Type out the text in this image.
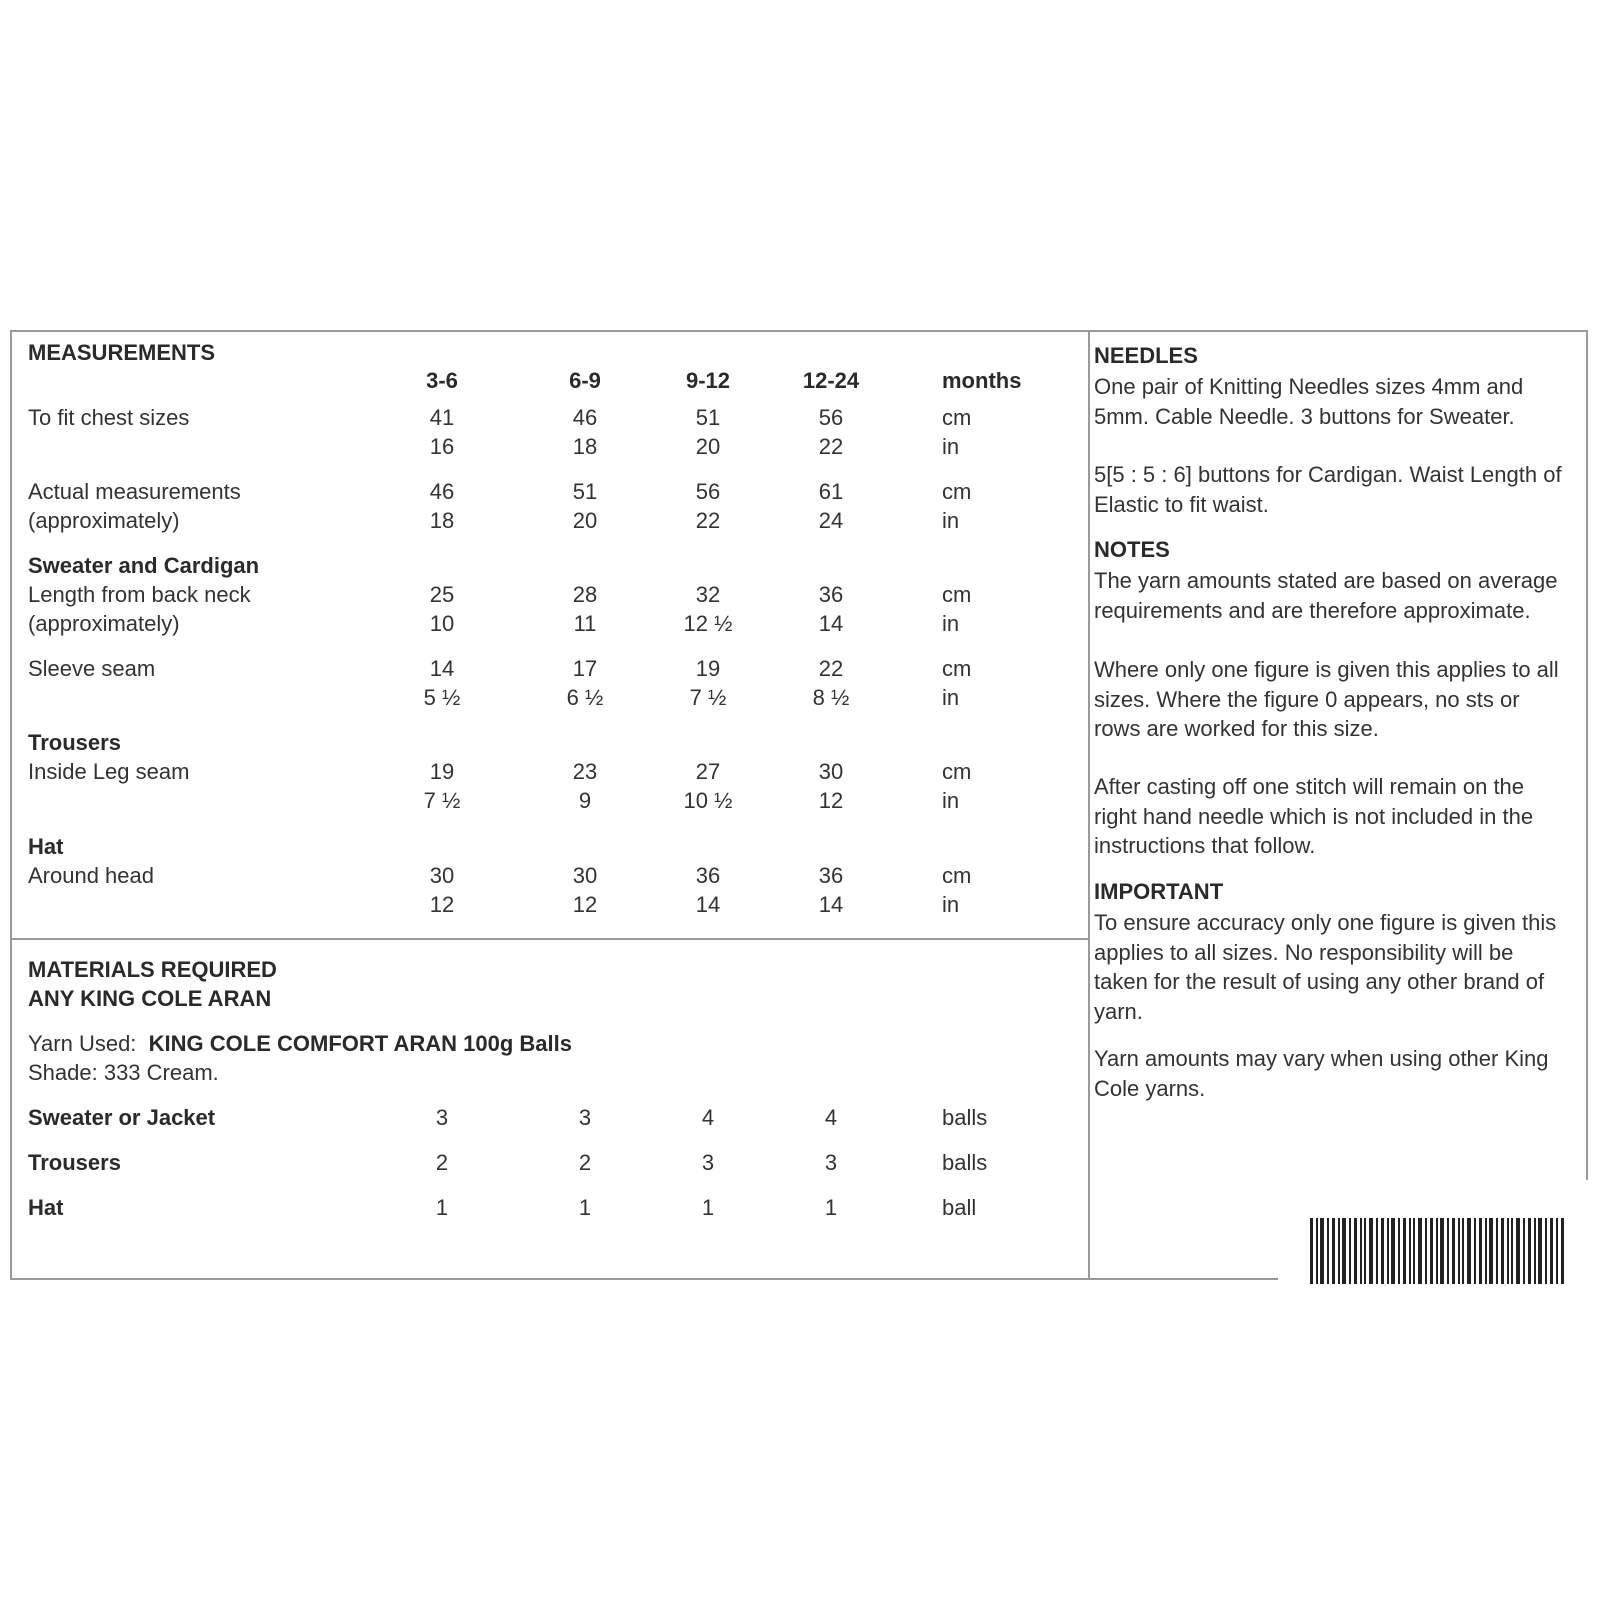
MEASUREMENTS
3-6	6-9	9-12	12-24	months
To fit chest sizes	41	46	51	56	cm
16	18	20	22	in
Actual measurements
(approximately)
46	51	56	61	cm
18	20	22	24	in
Sweater and Cardigan
Length from back neck
(approximately)
25	28	32	36	cm
10	11	12 ½	14	in
Sleeve seam	14	17	19	22	cm
5 ½	6 ½	7 ½	8 ½	in
Trousers
Inside Leg seam	19	23	27	30	cm
7 ½	9	10 ½	12	in
Hat
Around head	30	30	36	36	cm
12	12	14	14	in
MATERIALS REQUIRED
ANY KING COLE ARAN
Yarn Used: KING COLE COMFORT ARAN 100g Balls
Shade: 333 Cream.
Sweater or Jacket	3	3	4	4	balls
Trousers	2	2	3	3	balls
Hat	1	1	1	1	ball
NEEDLES
One pair of Knitting Needles sizes 4mm and 5mm. Cable Needle. 3 buttons for Sweater.
5[5 : 5 : 6] buttons for Cardigan. Waist Length of Elastic to fit waist.
NOTES
The yarn amounts stated are based on average requirements and are therefore approximate.
Where only one figure is given this applies to all sizes. Where the figure 0 appears, no sts or rows are worked for this size.
After casting off one stitch will remain on the right hand needle which is not included in the instructions that follow.
IMPORTANT
To ensure accuracy only one figure is given this applies to all sizes. No responsibility will be taken for the result of using any other brand of yarn.
Yarn amounts may vary when using other King Cole yarns.
